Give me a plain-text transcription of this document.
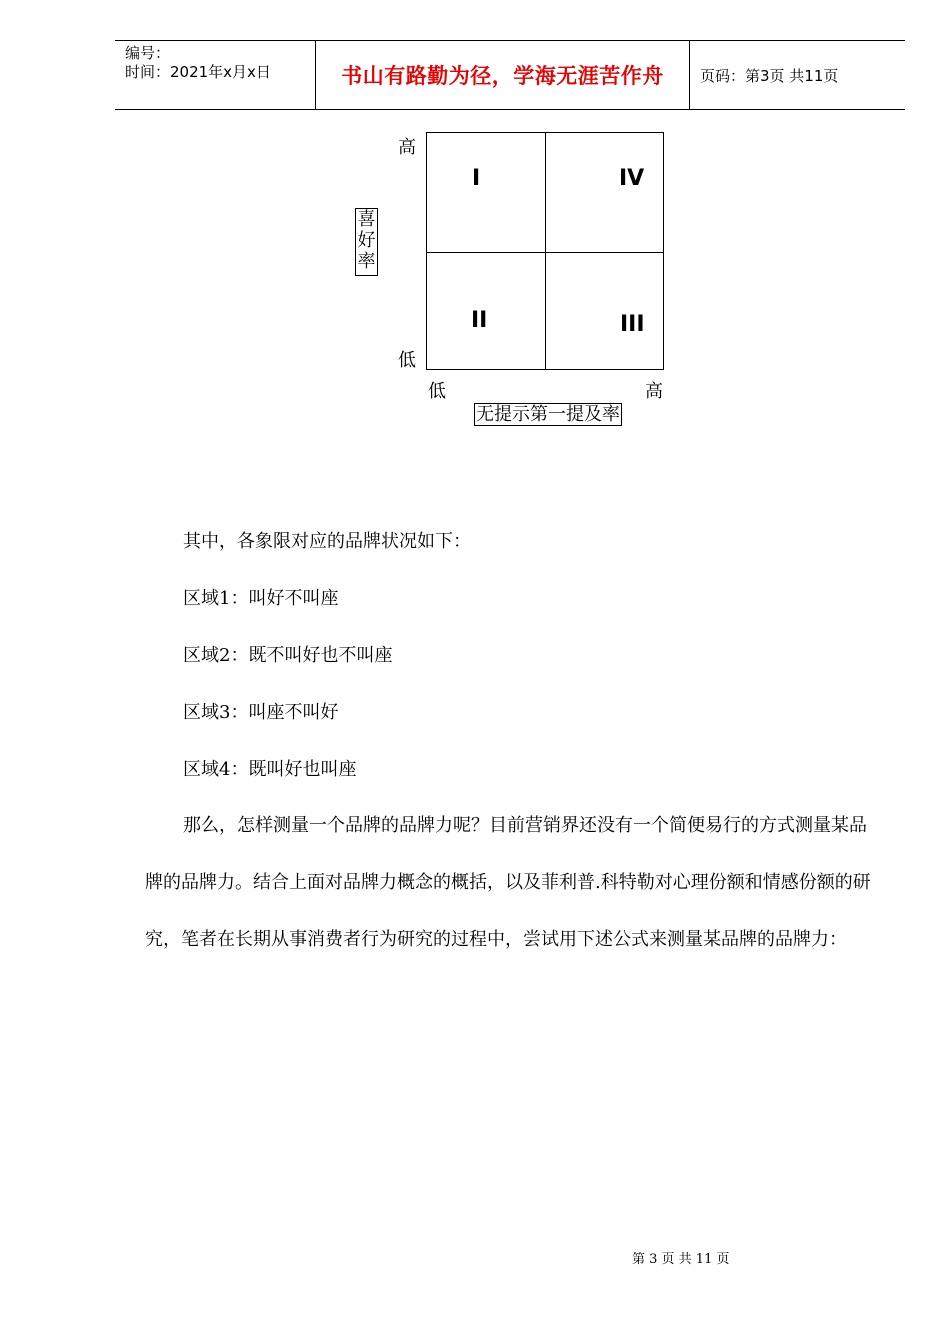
编号：
时间：2021年x月x日	书山有路勤为径，学海无涯苦作舟 页码：第3页 共11页
I	IV
II	III
高
低
低	高
喜
好
率
无提示第一提及率
其中，各象限对应的品牌状况如下：
区域1：叫好不叫座
区域2：既不叫好也不叫座
区域3：叫座不叫好
区域4：既叫好也叫座
那么，怎样测量一个品牌的品牌力呢？目前营销界还没有一个简便易行的方式测量某品牌的品牌力。结合上面对品牌力概念的概括，以及菲利普.科特勒对心理份额和情感份额的研究，笔者在长期从事消费者行为研究的过程中，尝试用下述公式来测量某品牌的品牌力：
第 3 页 共 11 页
